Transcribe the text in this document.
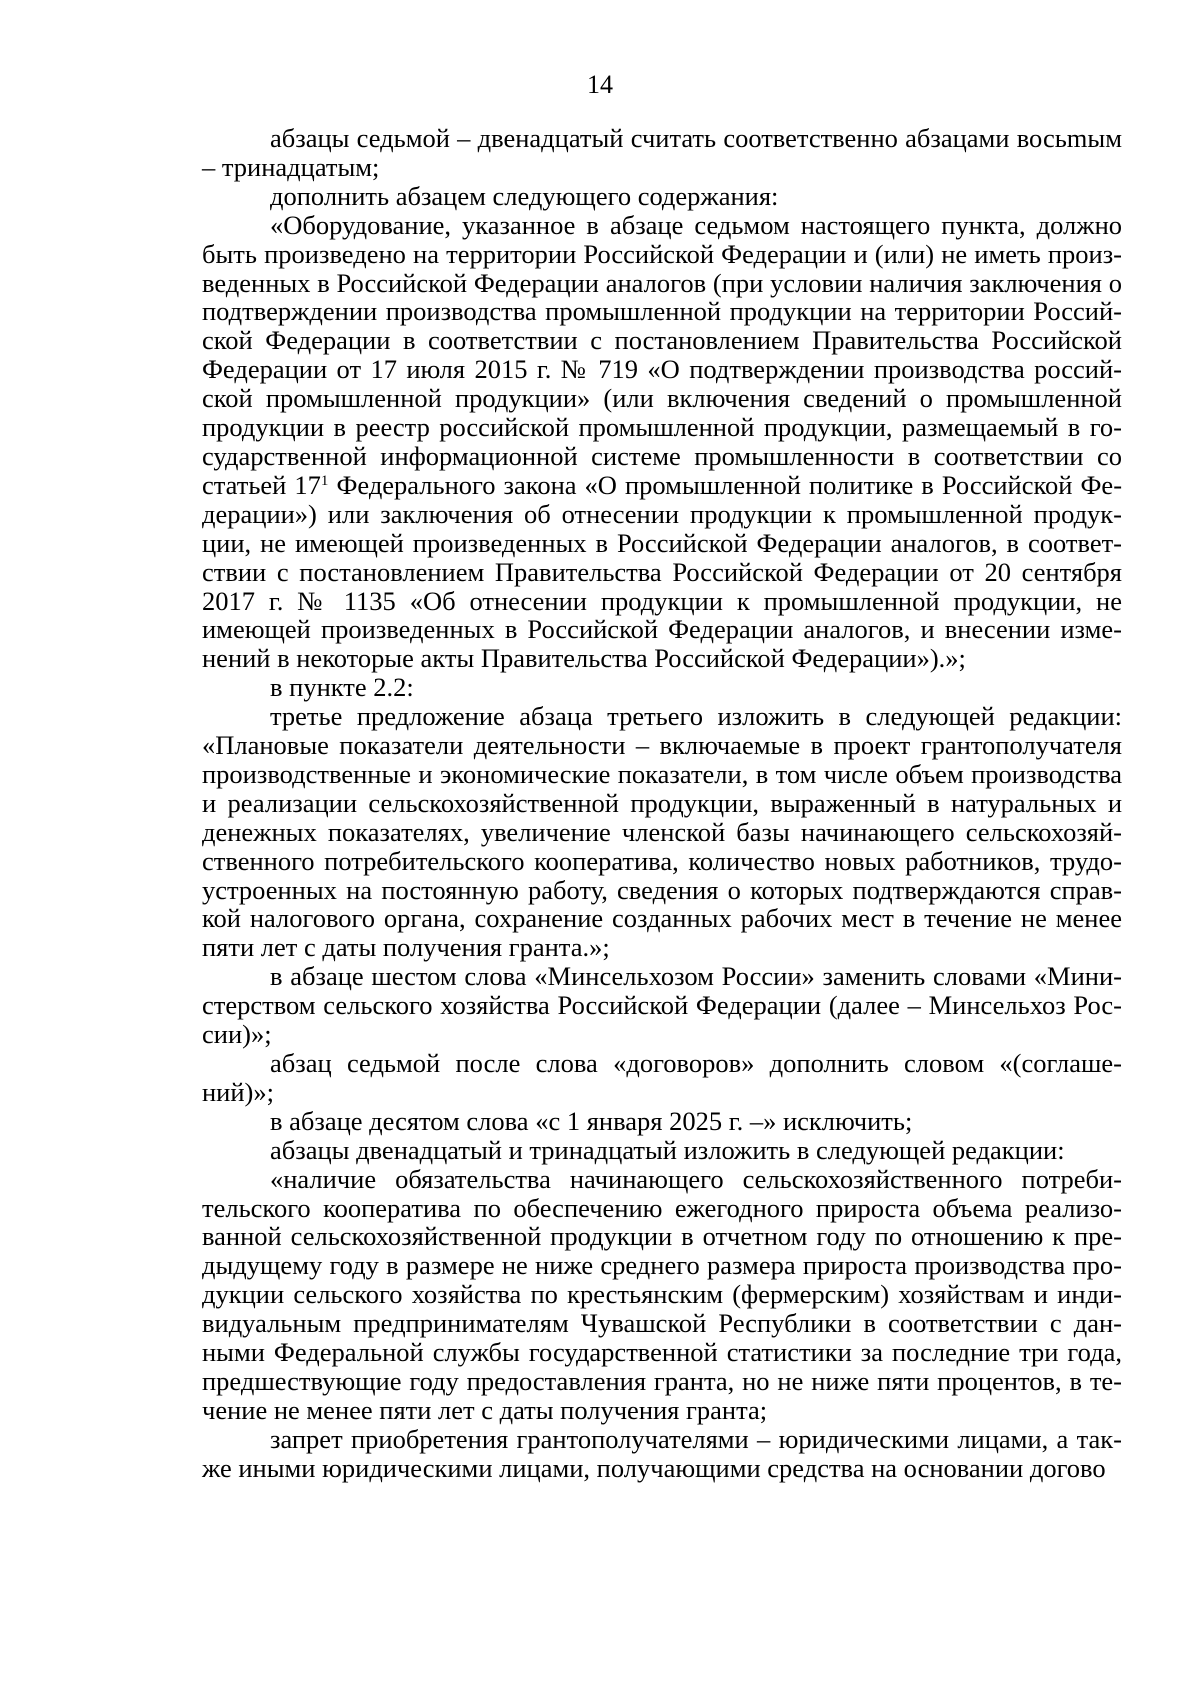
14

абзацы седьмой – двенадцатый считать соответственно абзацами восьmым – тринадцатым;

дополнить абзацем следующего содержания:

«Оборудование, указанное в абзаце седьмом настоящего пункта, должно быть произведено на территории Российской Федерации и (или) не иметь произведенных в Российской Федерации аналогов (при условии наличия заключения о подтверждении производства промышленной продукции на территории Российской Федерации в соответствии с постановлением Правительства Российской Федерации от 17 июля 2015 г. № 719 «О подтверждении производства российской промышленной продукции» (или включения сведений о промышленной продукции в реестр российской промышленной продукции, размещаемый в государственной информационной системе промышленности в соответствии со статьей $17^1$ Федерального закона «О промышленной политике в Российской Федерации») или заключения об отнесении продукции к промышленной продукции, не имеющей произведенных в Российской Федерации аналогов, в соответствии с постановлением Правительства Российской Федерации от 20 сентября 2017 г. № 1135 «Об отнесении продукции к промышленной продукции, не имеющей произведенных в Российской Федерации аналогов, и внесении изменений в некоторые акты Правительства Российской Федерации»).»;

в пункте 2.2:

третье предложение абзаца третьего изложить в следующей редакции: «Плановые показатели деятельности – включаемые в проект грантополучателя производственные и экономические показатели, в том числе объем производства и реализации сельскохозяйственной продукции, выраженный в натуральных и денежных показателях, увеличение членской базы начинающего сельскохозяйственного потребительского кооператива, количество новых работников, трудоустроенных на постоянную работу, сведения о которых подтверждаются справкой налогового органа, сохранение созданных рабочих мест в течение не менее пяти лет с даты получения гранта.»;

в абзаце шестом слова «Минсельхозом России» заменить словами «Министерством сельского хозяйства Российской Федерации (далее – Минсельхоз России)»;

абзац седьмой после слова «договоров» дополнить словом «(соглашений)»;

в абзаце десятом слова «с 1 января 2025 г. –» исключить;

абзацы двенадцатый и тринадцатый изложить в следующей редакции:

«наличие обязательства начинающего сельскохозяйственного потребительского кооператива по обеспечению ежегодного прироста объема реализованной сельскохозяйственной продукции в отчетном году по отношению к предыдущему году в размере не ниже среднего размера прироста производства продукции сельского хозяйства по крестьянским (фермерским) хозяйствам и индивидуальным предпринимателям Чувашской Республики в соответствии с данными Федеральной службы государственной статистики за последние три года, предшествующие году предоставления гранта, но не ниже пяти процентов, в течение не менее пяти лет с даты получения гранта;

запрет приобретения грантополучателями – юридическими лицами, а также иными юридическими лицами, получающими средства на основании догово
